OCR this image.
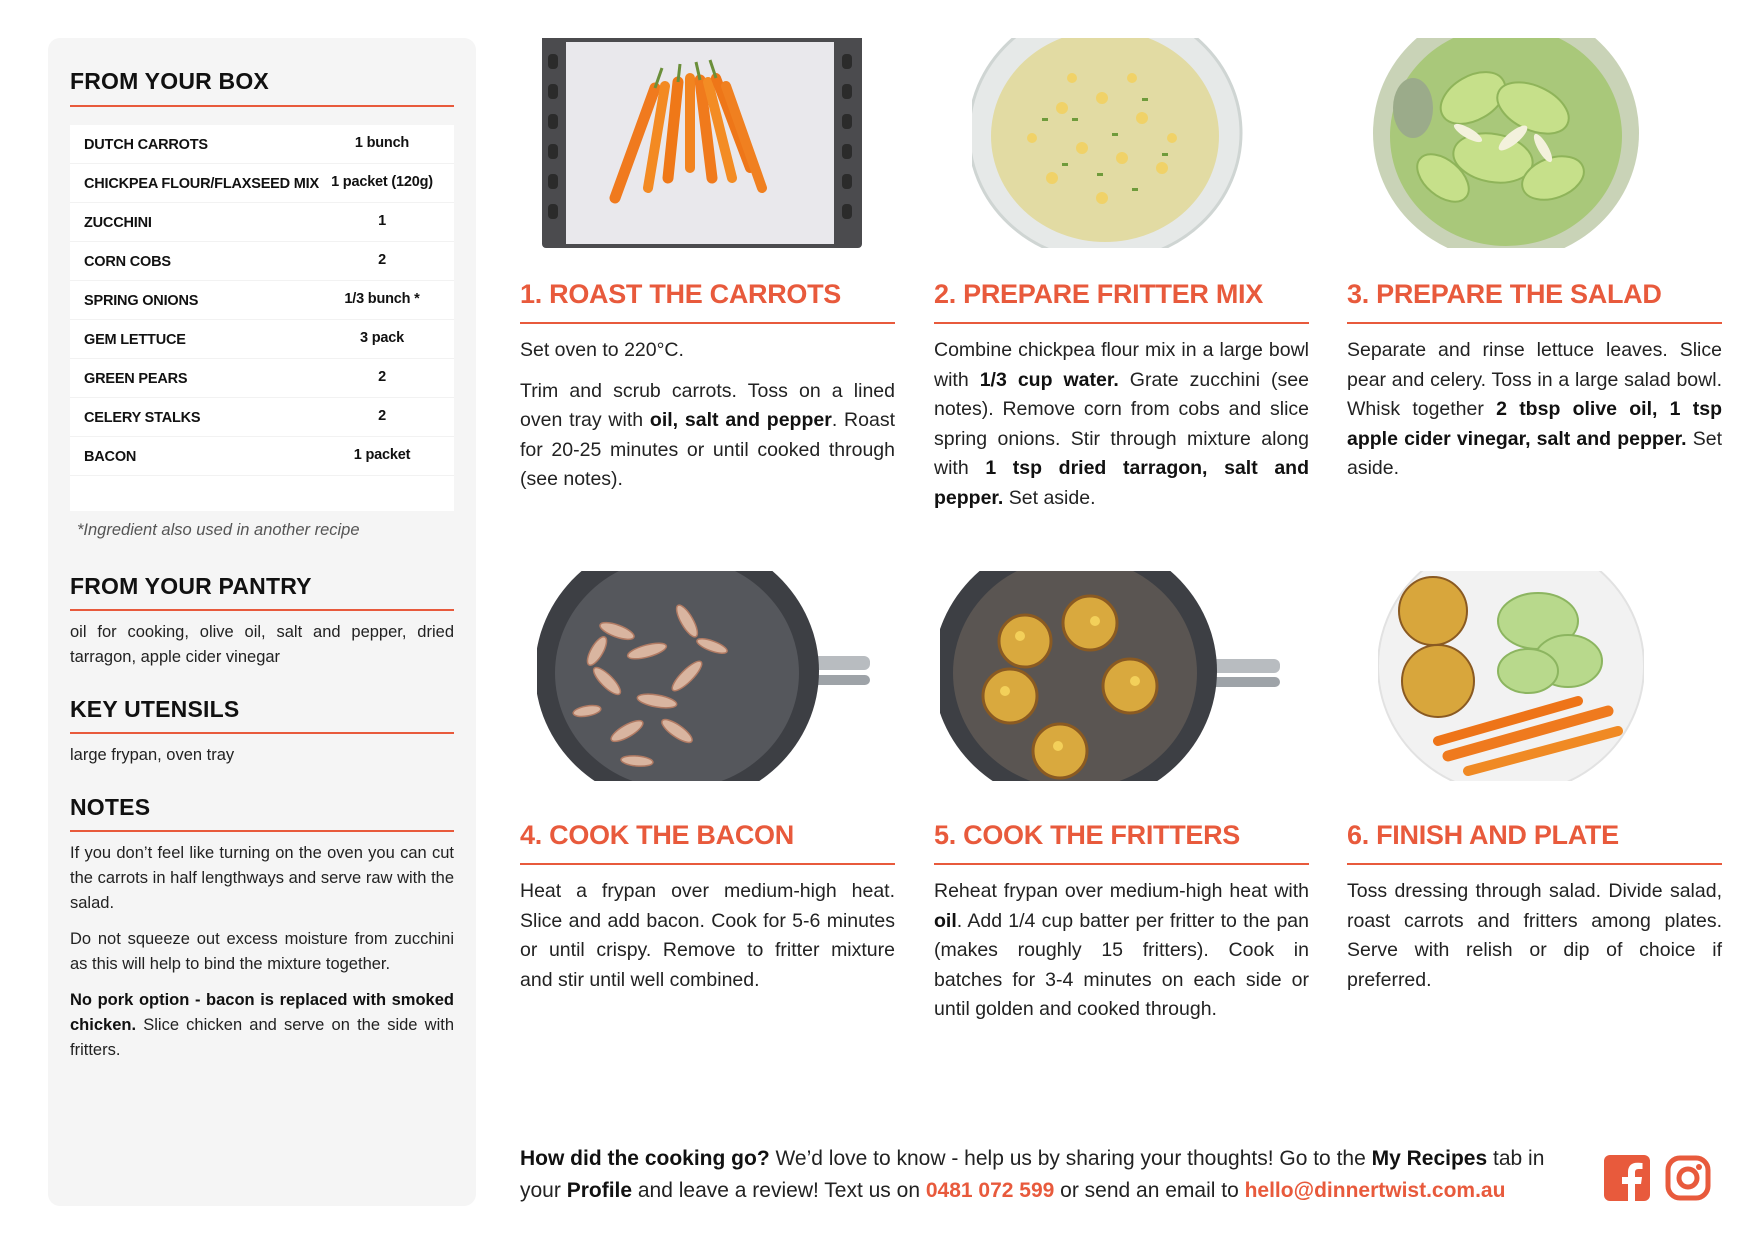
FROM YOUR BOX
DUTCH CARROTS	1 bunch
CHICKPEA FLOUR/FLAXSEED MIX 1 packet (120g)
ZUCCHINI	1
CORN COBS	2
SPRING ONIONS	1/3 bunch *
GEM LETTUCE	3 pack
GREEN PEARS	2
CELERY STALKS	2
BACON	1 packet
*Ingredient also used in another recipe
FROM YOUR PANTRY
oil for cooking, olive oil, salt and pepper, dried tarragon, apple cider vinegar
KEY UTENSILS
large frypan, oven tray
NOTES

If you don’t feel like turning on the oven you can cut the carrots in half lengthways and serve raw with the salad.

Do not squeeze out excess moisture from zucchini as this will help to bind the mixture together.

No pork option - bacon is replaced with smoked chicken. Slice chicken and serve on the side with fritters.

1. ROAST THE CARROTS

Set oven to 220°C.

Trim and scrub carrots. Toss on a lined oven tray with oil, salt and pepper. Roast for 20-25 minutes or until cooked through (see notes).

2. PREPARE FRITTER MIX

Combine chickpea flour mix in a large bowl with 1/3 cup water. Grate zucchini (see notes). Remove corn from cobs and slice spring onions. Stir through mixture along with 1 tsp dried tarragon, salt and pepper. Set aside.

3. PREPARE THE SALAD

Separate and rinse lettuce leaves. Slice pear and celery. Toss in a large salad bowl. Whisk together 2 tbsp olive oil, 1 tsp apple cider vinegar, salt and pepper. Set aside.

4. COOK THE BACON

Heat a frypan over medium-high heat. Slice and add bacon. Cook for 5-6 minutes or until crispy. Remove to fritter mixture and stir until well combined.

5. COOK THE FRITTERS

Reheat frypan over medium-high heat with oil. Add 1/4 cup batter per fritter to the pan (makes roughly 15 fritters). Cook in batches for 3-4 minutes on each side or until golden and cooked through.

6. FINISH AND PLATE

Toss dressing through salad. Divide salad, roast carrots and fritters among plates. Serve with relish or dip of choice if preferred.

How did the cooking go? We’d love to know - help us by sharing your thoughts! Go to the My Recipes tab in your Profile and leave a review! Text us on 0481 072 599 or send an email to hello@dinnertwist.com.au
